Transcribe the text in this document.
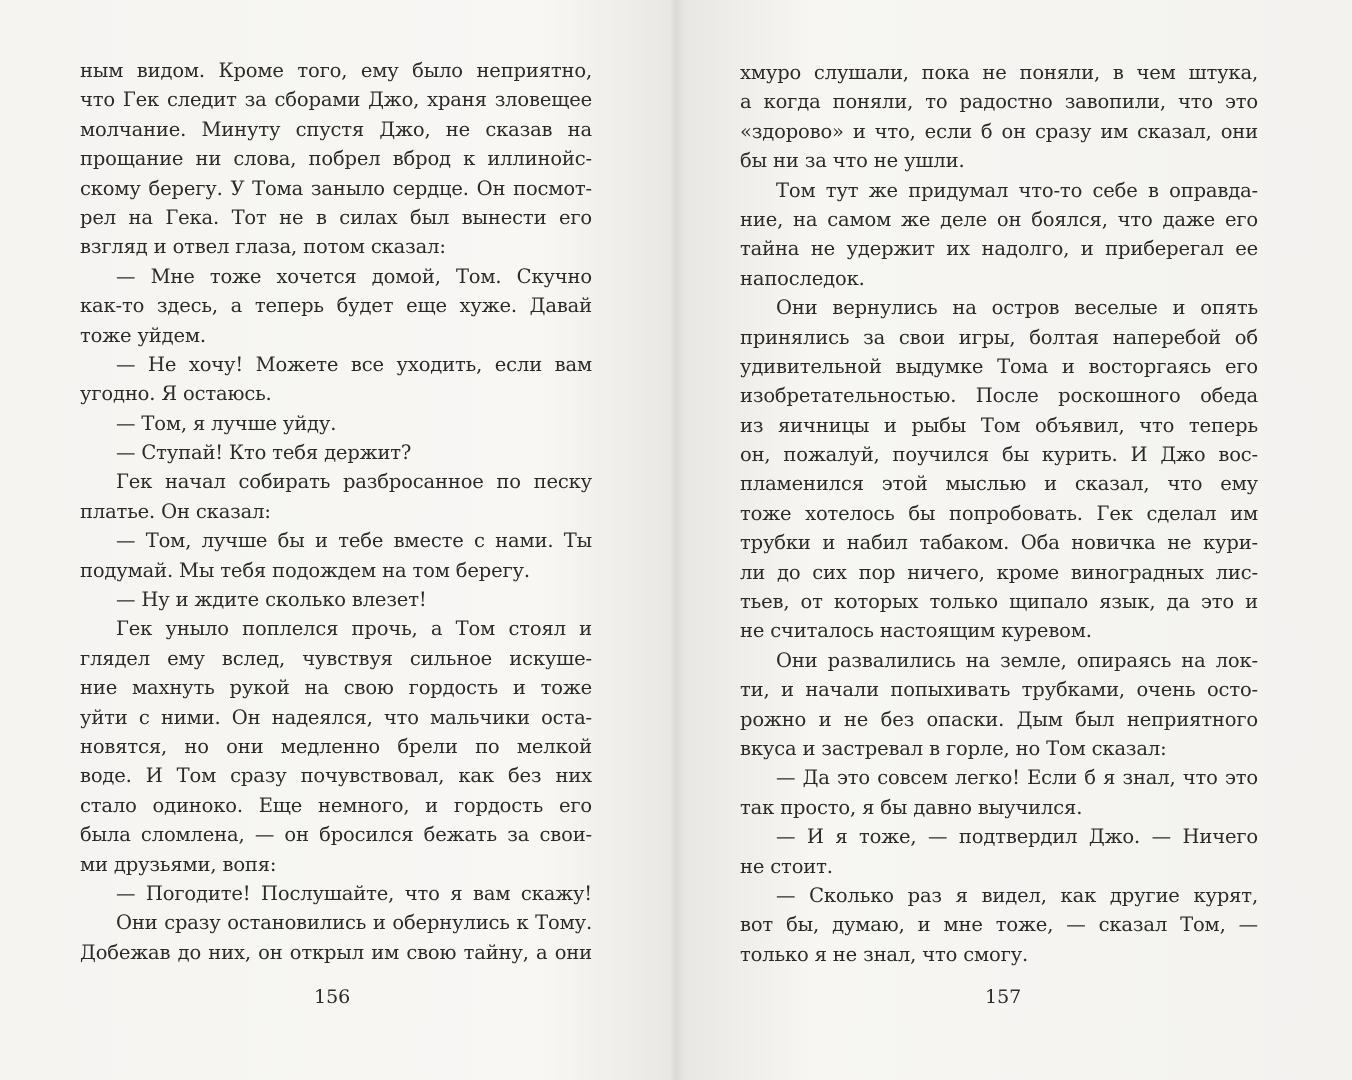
ным видом. Кроме того, ему было неприятно,
что Гек следит за сборами Джо, храня зловещее
молчание. Минуту спустя Джо, не сказав на
прощание ни слова, побрел вброд к иллинойс-
скому берегу. У Тома заныло сердце. Он посмот-
рел на Гека. Тот не в силах был вынести его
взгляд и отвел глаза, потом сказал:
— Мне тоже хочется домой, Том. Скучно
как-то здесь, а теперь будет еще хуже. Давай
тоже уйдем.
— Не хочу! Можете все уходить, если вам
угодно. Я остаюсь.
— Том, я лучше уйду.
— Ступай! Кто тебя держит?
Гек начал собирать разбросанное по песку
платье. Он сказал:
— Том, лучше бы и тебе вместе с нами. Ты
подумай. Мы тебя подождем на том берегу.
— Ну и ждите сколько влезет!
Гек уныло поплелся прочь, а Том стоял и
глядел ему вслед, чувствуя сильное искуше-
ние махнуть рукой на свою гордость и тоже
уйти с ними. Он надеялся, что мальчики оста-
новятся, но они медленно брели по мелкой
воде. И Том сразу почувствовал, как без них
стало одиноко. Еще немного, и гордость его
была сломлена, — он бросился бежать за свои-
ми друзьями, вопя:
— Погодите! Послушайте, что я вам скажу!
Они сразу остановились и обернулись к Тому.
Добежав до них, он открыл им свою тайну, а они
156
хмуро слушали, пока не поняли, в чем штука,
а когда поняли, то радостно завопили, что это
«здорово» и что, если б он сразу им сказал, они
бы ни за что не ушли.
Том тут же придумал что-то себе в оправда-
ние, на самом же деле он боялся, что даже его
тайна не удержит их надолго, и приберегал ее
напоследок.
Они вернулись на остров веселые и опять
принялись за свои игры, болтая наперебой об
удивительной выдумке Тома и восторгаясь его
изобретательностью. После роскошного обеда
из яичницы и рыбы Том объявил, что теперь
он, пожалуй, поучился бы курить. И Джо вос-
пламенился этой мыслью и сказал, что ему
тоже хотелось бы попробовать. Гек сделал им
трубки и набил табаком. Оба новичка не кури-
ли до сих пор ничего, кроме виноградных лис-
тьев, от которых только щипало язык, да это и
не считалось настоящим куревом.
Они развалились на земле, опираясь на лок-
ти, и начали попыхивать трубками, очень осто-
рожно и не без опаски. Дым был неприятного
вкуса и застревал в горле, но Том сказал:
— Да это совсем легко! Если б я знал, что это
так просто, я бы давно выучился.
— И я тоже, — подтвердил Джо. — Ничего
не стоит.
— Сколько раз я видел, как другие курят,
вот бы, думаю, и мне тоже, — сказал Том, —
только я не знал, что смогу.
157
